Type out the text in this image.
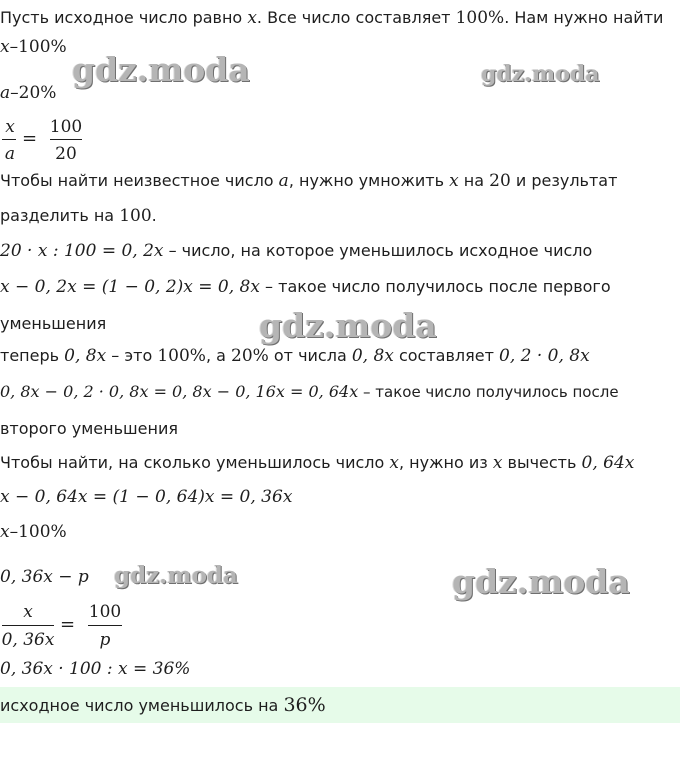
Пусть исходное число равно x. Все число составляет 100%. Нам нужно найти
x–100%
a–20%
x
a
=
100
20
Чтобы найти неизвестное число a, нужно умножить x на 20 и результат
разделить на 100.
20 · x : 100 = 0, 2x – число, на которое уменьшилось исходное число
x − 0, 2x = (1 − 0, 2)x = 0, 8x – такое число получилось после первого
уменьшения
теперь 0, 8x – это 100%, а 20% от числа 0, 8x составляет 0, 2 · 0, 8x
0, 8x − 0, 2 · 0, 8x = 0, 8x − 0, 16x = 0, 64x – такое число получилось после
второго уменьшения
Чтобы найти, на сколько уменьшилось число x, нужно из x вычесть 0, 64x
x − 0, 64x = (1 − 0, 64)x = 0, 36x
x–100%
0, 36x − p
x
0, 36x
=
100
p
0, 36x · 100 : x = 36%
исходное число уменьшилось на 36%
gdz.moda	gdz.moda
gdz.moda
gdz.moda	gdz.moda
